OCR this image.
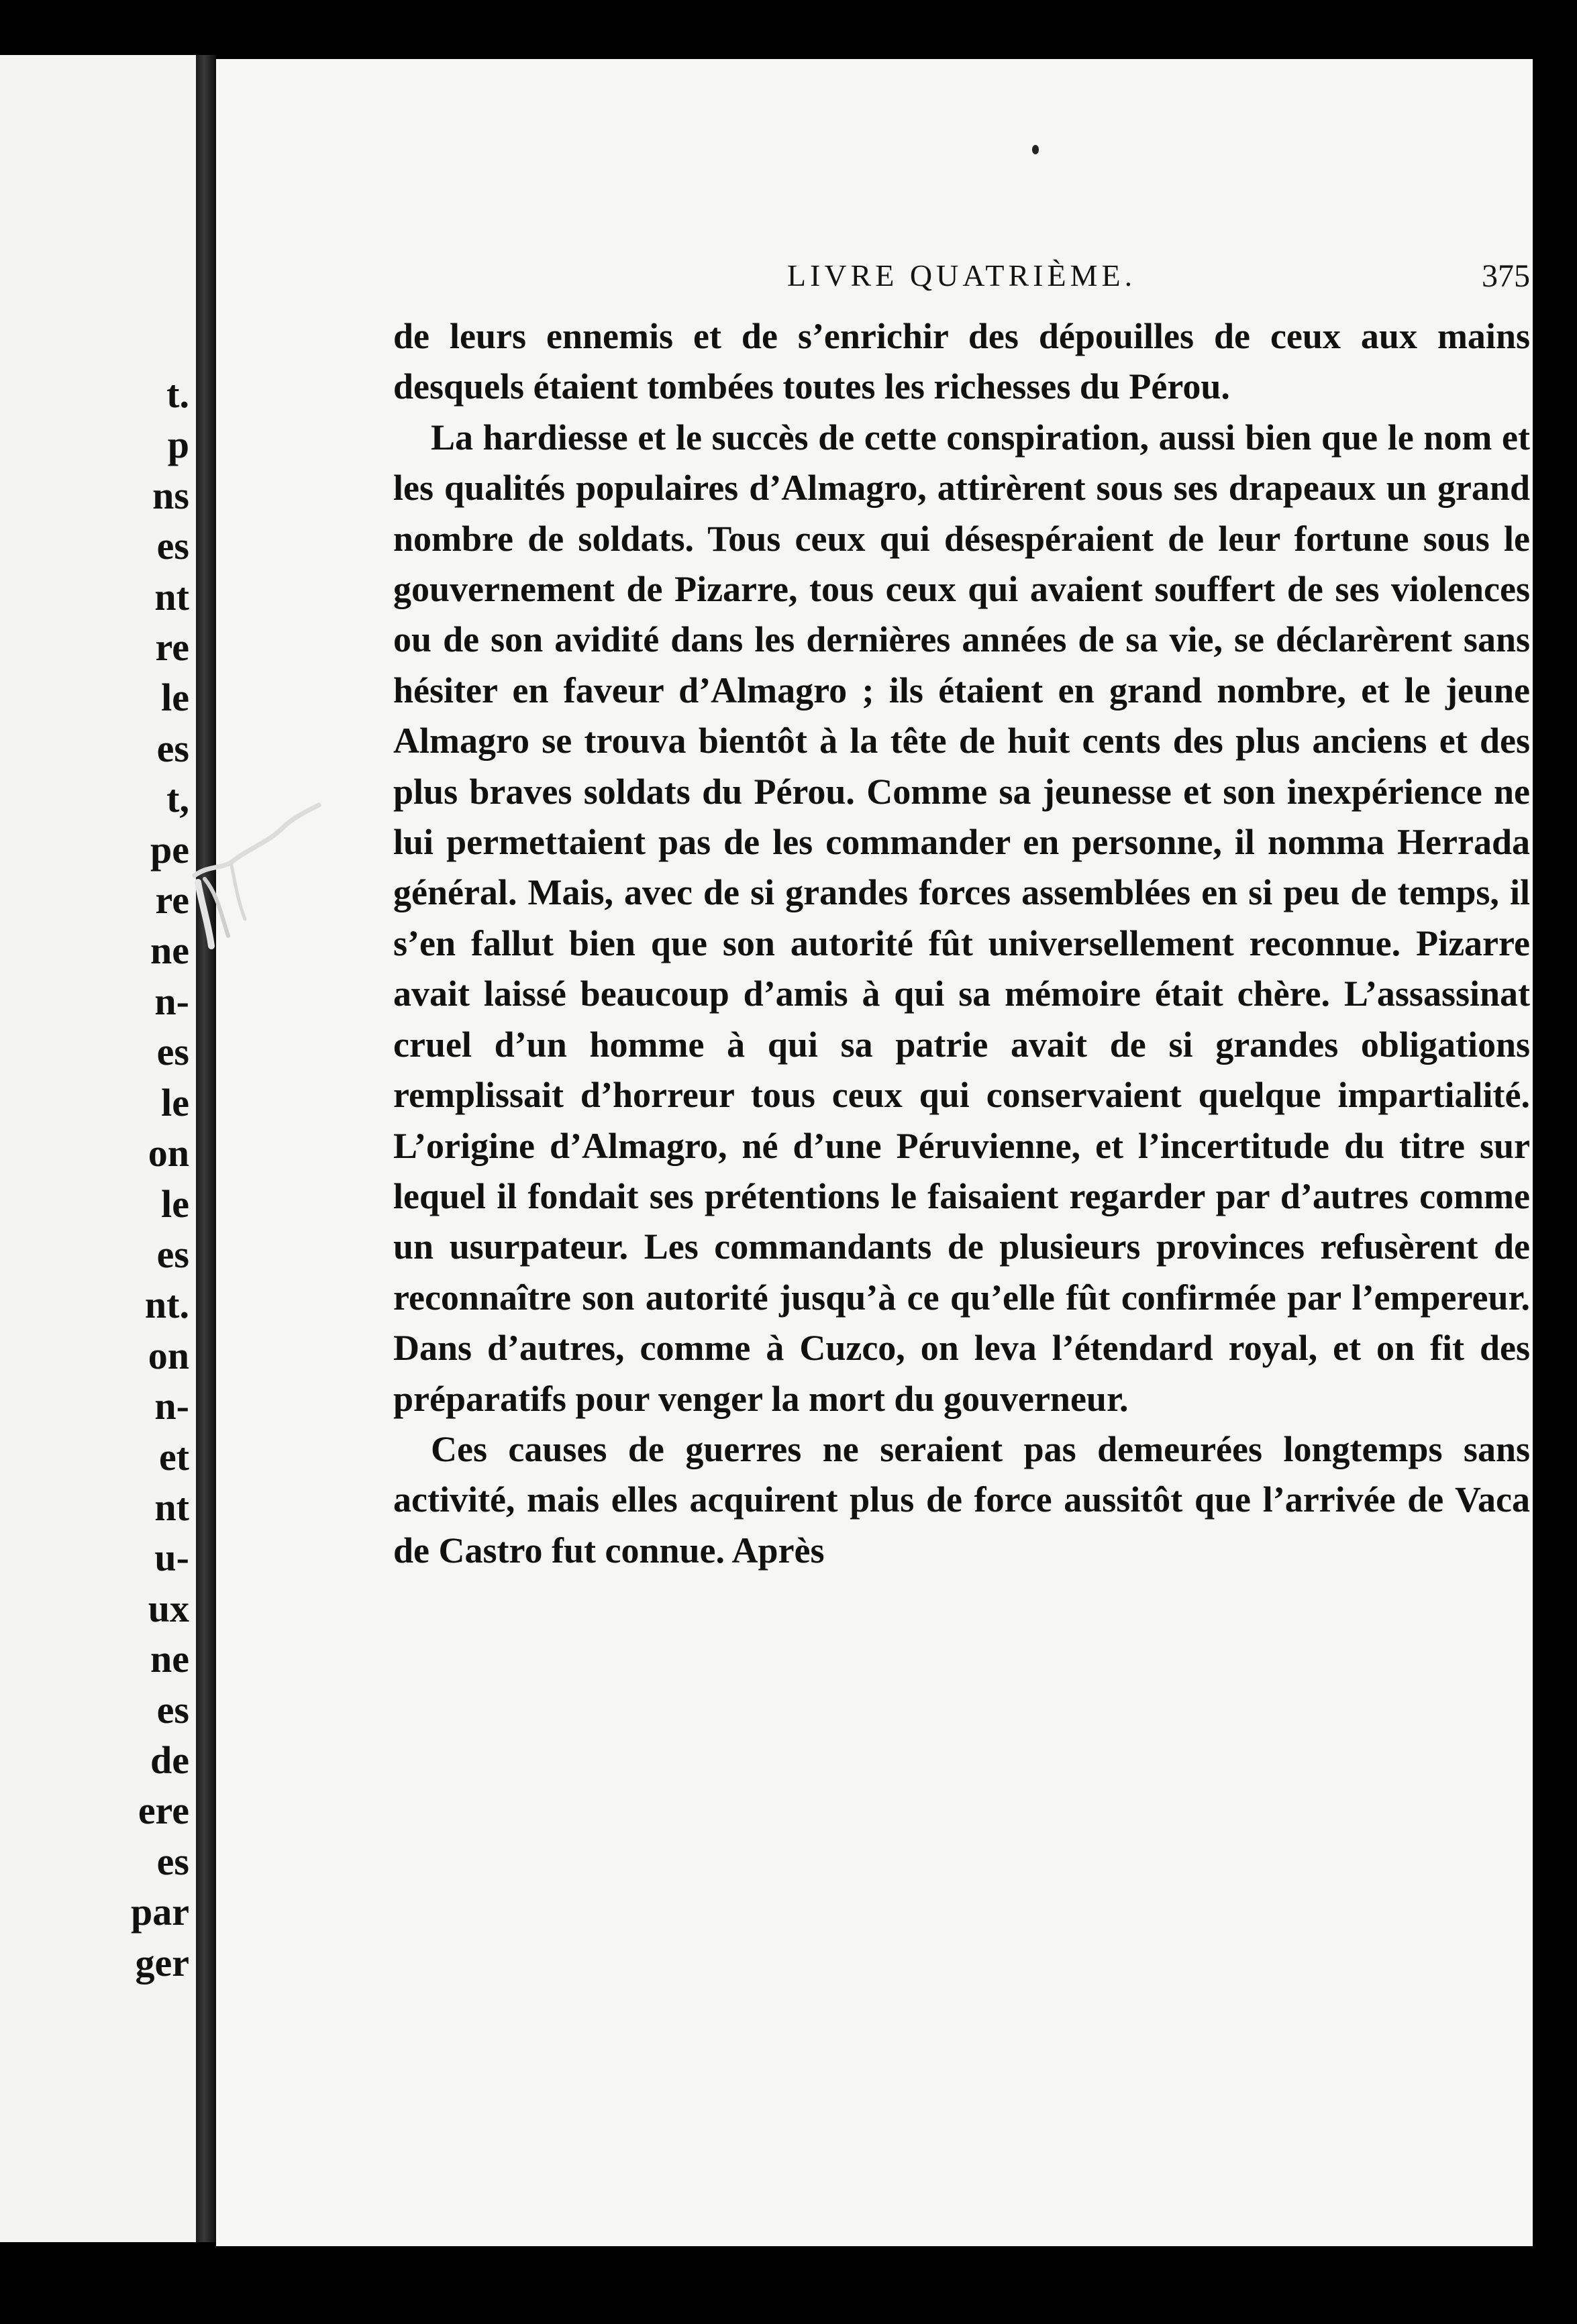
t.
p
ns
es
nt
re
le
es
t,
pe
re
ne
n-
es
le
on
le
es
nt.
on
n-
et
nt
u-
ux
ne
es
de
ere
es
par
ger
LIVRE QUATRIÈME.	375

de leurs ennemis et de s’enrichir des dépouilles de ceux aux mains desquels étaient tombées toutes les richesses du Pérou.

La hardiesse et le succès de cette conspiration, aussi bien que le nom et les qualités populaires d’Almagro, attirèrent sous ses drapeaux un grand nombre de soldats. Tous ceux qui désespéraient de leur fortune sous le gouvernement de Pizarre, tous ceux qui avaient souffert de ses violences ou de son avidité dans les dernières années de sa vie, se déclarèrent sans hésiter en faveur d’Almagro ; ils étaient en grand nombre, et le jeune Almagro se trouva bientôt à la tête de huit cents des plus anciens et des plus braves soldats du Pérou. Comme sa jeunesse et son inexpérience ne lui permettaient pas de les commander en personne, il nomma Herrada général. Mais, avec de si grandes forces assemblées en si peu de temps, il s’en fallut bien que son autorité fût universellement reconnue. Pizarre avait laissé beaucoup d’amis à qui sa mémoire était chère. L’assassinat cruel d’un homme à qui sa patrie avait de si grandes obligations remplissait d’horreur tous ceux qui conservaient quelque impartialité. L’origine d’Almagro, né d’une Péruvienne, et l’incertitude du titre sur lequel il fondait ses prétentions le faisaient regarder par d’autres comme un usurpateur. Les commandants de plusieurs provinces refusèrent de reconnaître son autorité jusqu’à ce qu’elle fût confirmée par l’empereur. Dans d’autres, comme à Cuzco, on leva l’étendard royal, et on fit des préparatifs pour venger la mort du gouverneur.

Ces causes de guerres ne seraient pas demeurées longtemps sans activité, mais elles acquirent plus de force aussitôt que l’arrivée de Vaca de Castro fut connue. Après
